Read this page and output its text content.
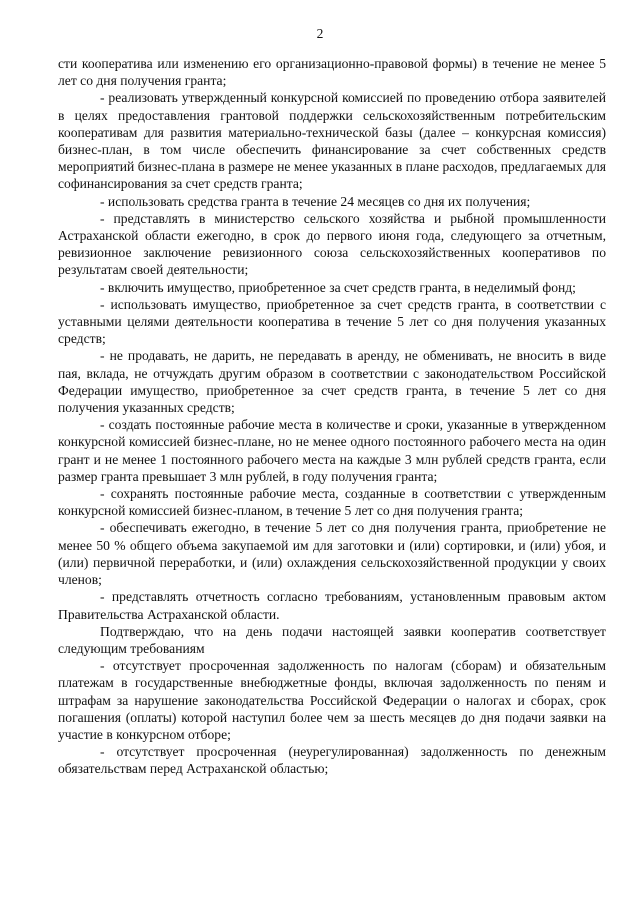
2

сти кооператива или изменению его организационно-правовой формы) в течение не менее 5 лет со дня получения гранта;

- реализовать утвержденный конкурсной комиссией по проведению отбора заявителей в целях предоставления грантовой поддержки сельскохозяйственным потребительским кооперативам для развития материально-технической базы (далее – конкурсная комиссия) бизнес-план, в том числе обеспечить финансирование за счет собственных средств мероприятий бизнес-плана в размере не менее указанных в плане расходов, предлагаемых для софинансирования за счет средств гранта;

- использовать средства гранта в течение 24 месяцев со дня их получения;

- представлять в министерство сельского хозяйства и рыбной промышленности Астраханской области ежегодно, в срок до первого июня года, следующего за отчетным, ревизионное заключение ревизионного союза сельскохозяйственных кооперативов по результатам своей деятельности;

- включить имущество, приобретенное за счет средств гранта, в неделимый фонд;

- использовать имущество, приобретенное за счет средств гранта, в соответствии с уставными целями деятельности кооператива в течение 5 лет со дня получения указанных средств;

- не продавать, не дарить, не передавать в аренду, не обменивать, не вносить в виде пая, вклада, не отчуждать другим образом в соответствии с законодательством Российской Федерации имущество, приобретенное за счет средств гранта, в течение 5 лет со дня получения указанных средств;

- создать постоянные рабочие места в количестве и сроки, указанные в утвержденном конкурсной комиссией бизнес-плане, но не менее одного постоянного рабочего места на один грант и не менее 1 постоянного рабочего места на каждые 3 млн рублей средств гранта, если размер гранта превышает 3 млн рублей, в году получения гранта;

- сохранять постоянные рабочие места, созданные в соответствии с утвержденным конкурсной комиссией бизнес-планом, в течение 5 лет со дня получения гранта;

- обеспечивать ежегодно, в течение 5 лет со дня получения гранта, приобретение не менее 50 % общего объема закупаемой им для заготовки и (или) сортировки, и (или) убоя, и (или) первичной переработки, и (или) охлаждения сельскохозяйственной продукции у своих членов;

- представлять отчетность согласно требованиям, установленным правовым актом Правительства Астраханской области.

Подтверждаю, что на день подачи настоящей заявки кооператив соответствует следующим требованиям

- отсутствует просроченная задолженность по налогам (сборам) и обязательным платежам в государственные внебюджетные фонды, включая задолженность по пеням и штрафам за нарушение законодательства Российской Федерации о налогах и сборах, срок погашения (оплаты) которой наступил более чем за шесть месяцев до дня подачи заявки на участие в конкурсном отборе;

- отсутствует просроченная (неурегулированная) задолженность по денежным обязательствам перед Астраханской областью;
